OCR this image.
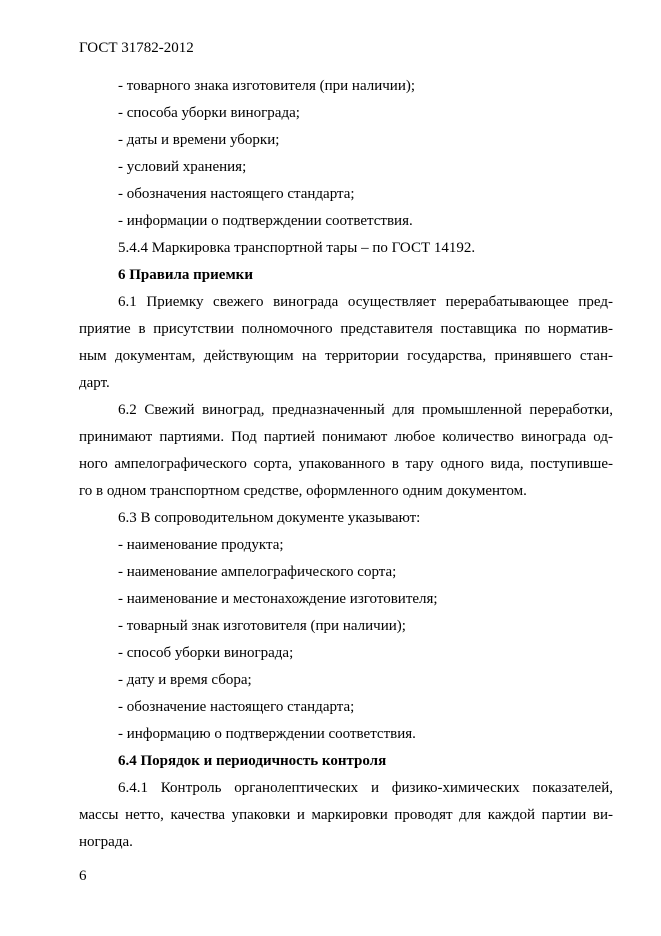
ГОСТ 31782-2012
- товарного знака изготовителя (при наличии);
- способа уборки винограда;
- даты и времени уборки;
- условий хранения;
- обозначения настоящего стандарта;
- информации о подтверждении соответствия.
5.4.4 Маркировка транспортной тары – по ГОСТ 14192.
6 Правила приемки
6.1 Приемку свежего винограда осуществляет перерабатывающее пред-
приятие в присутствии полномочного представителя поставщика по норматив-
ным документам, действующим на территории государства, принявшего стан-
дарт.
6.2 Свежий виноград, предназначенный для промышленной переработки,
принимают партиями. Под партией понимают любое количество винограда од-
ного ампелографического сорта, упакованного в тару одного вида, поступивше-
го в одном транспортном средстве, оформленного одним документом.
6.3 В сопроводительном документе указывают:
- наименование продукта;
- наименование ампелографического сорта;
- наименование и местонахождение изготовителя;
- товарный знак изготовителя (при наличии);
- способ уборки винограда;
- дату и время сбора;
- обозначение настоящего стандарта;
- информацию о подтверждении соответствия.
6.4 Порядок и периодичность контроля
6.4.1 Контроль органолептических и физико-химических показателей,
массы нетто, качества упаковки и маркировки проводят для каждой партии ви-
нограда.
6
